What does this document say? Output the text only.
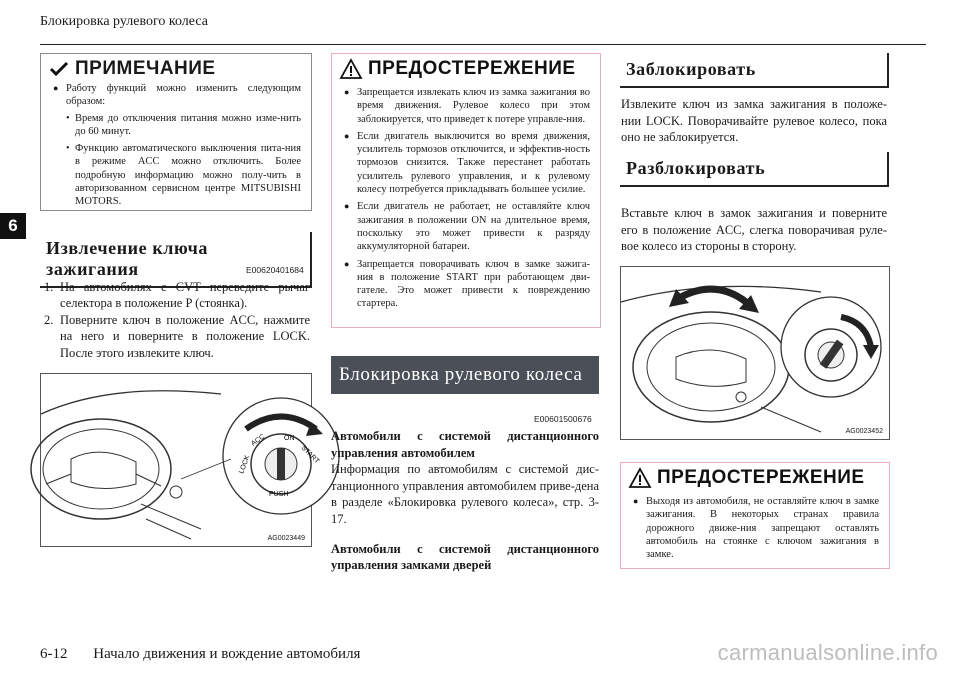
Блокировка рулевого колеса
6
ПРИМЕЧАНИЕ
● Работу функций можно изменить следующим образом:
• Время до отключения питания можно изме-нить до 60 минут.
• Функцию автоматического выключения пита-ния в режиме ACC можно отключить. Более подробную информацию можно полу-чить в авторизованном сервисном центре MITSUBISHI MOTORS.
Извлечение ключа зажигания	E00620401684
1. На автомобилях с CVT переведите рычаг селектора в положение P (стоянка).
2. Поверните ключ в положение ACC, нажмите на него и поверните в положение LOCK. После этого извлеките ключ.
LOCK
ACC	ON
START
PUSH
AG0023449
ПРЕДОСТЕРЕЖЕНИЕ
● Запрещается извлекать ключ из замка зажигания во время движения. Рулевое колесо при этом заблокируется, что приведет к потере управле-ния.
● Если двигатель выключится во время движения, усилитель тормозов отключится, и эффектив-ность тормозов снизится. Также перестанет работать усилитель рулевого управления, и к рулевому колесу потребуется прикладывать большее усилие.
● Если двигатель не работает, не оставляйте ключ зажигания в положении ON на длительное время, поскольку это может привести к разряду аккумуляторной батареи.
● Запрещается поворачивать ключ в замке зажига-ния в положение START при работающем дви-гателе. Это может привести к повреждению стартера.
Блокировка рулевого колеса
E00601500676
Автомобили с системой дистанционного управления автомобилем
Информация по автомобилям с системой дис-танционного управления автомобилем приве-дена в разделе «Блокировка рулевого колеса», стр. 3-17.
Автомобили с системой дистанционного управления замками дверей
Заблокировать
Извлеките ключ из замка зажигания в положе-нии LOCK. Поворачивайте рулевое колесо, пока оно не заблокируется.
Разблокировать
Вставьте ключ в замок зажигания и поверните его в положение ACC, слегка поворачивая руле-вое колесо из стороны в сторону.
AG0023452
ПРЕДОСТЕРЕЖЕНИЕ
● Выходя из автомобиля, не оставляйте ключ в замке зажигания. В некоторых странах правила дорожного движе-ния запрещают оставлять автомобиль на стоянке с ключом зажигания в замке.
6-12 Начало движения и вождение автомобиля	carmanualsonline.info
